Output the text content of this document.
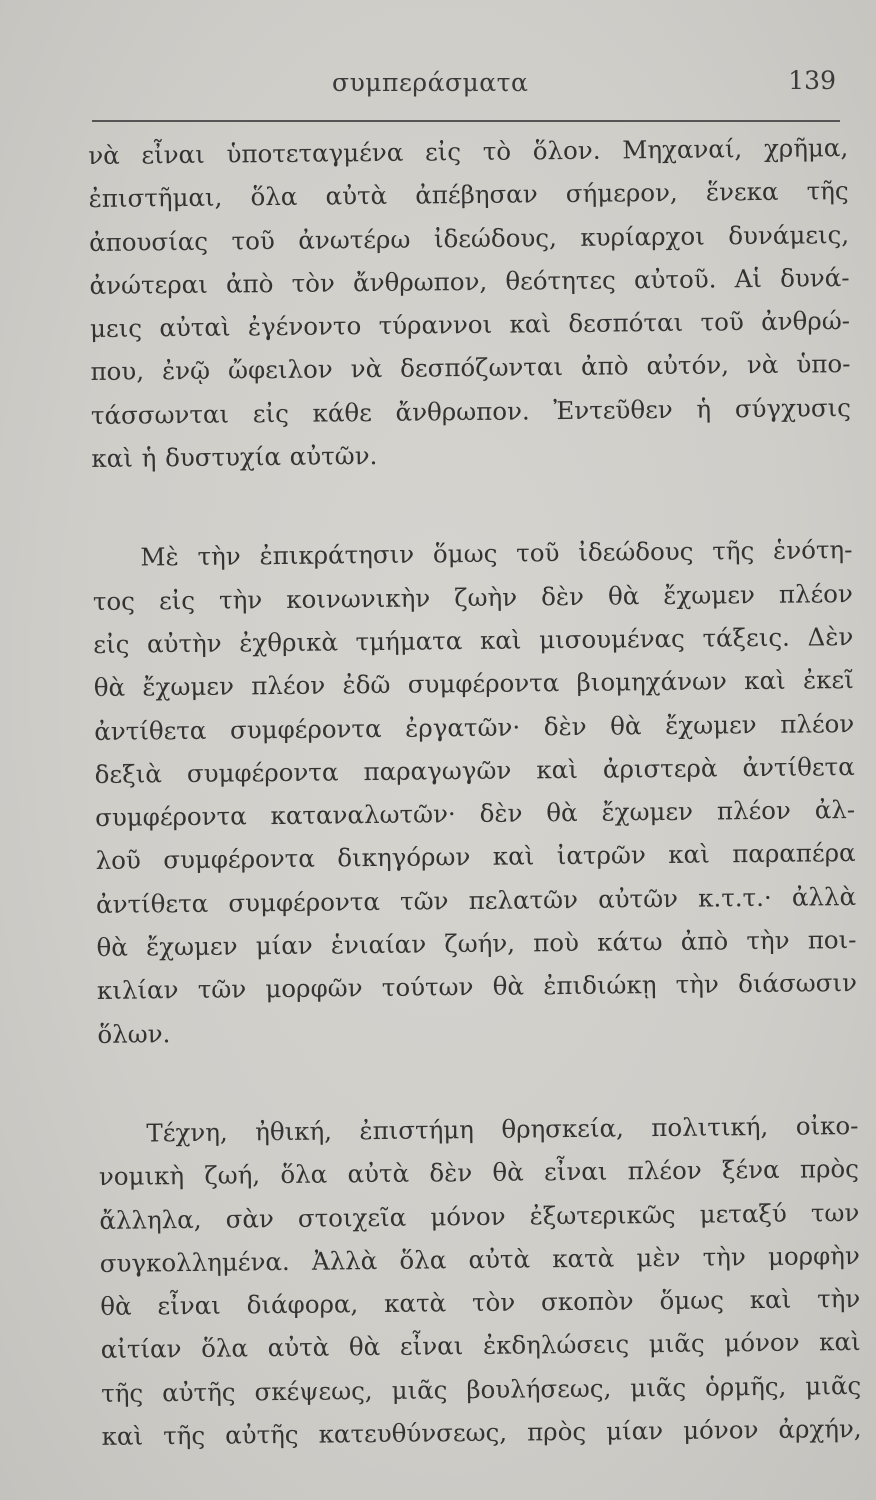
συμπεράσματα	139
νὰ εἶναι ὑποτεταγμένα εἰς τὸ ὅλον. Μηχαναί, χρῆμα,
ἐπιστῆμαι, ὅλα αὐτὰ ἀπέβησαν σήμερον, ἕνεκα τῆς
ἀπουσίας τοῦ ἀνωτέρω ἰδεώδους, κυρίαρχοι δυνάμεις,
ἀνώτεραι ἀπὸ τὸν ἄνθρωπον, θεότητες αὐτοῦ. Αἱ δυνά-
μεις αὐταὶ ἐγένοντο τύραννοι καὶ δεσπόται τοῦ ἀνθρώ-
που, ἐνῷ ὤφειλον νὰ δεσπόζωνται ἀπὸ αὐτόν, νὰ ὑπο-
τάσσωνται εἰς κάθε ἄνθρωπον. Ἐντεῦθεν ἡ σύγχυσις
καὶ ἡ δυστυχία αὐτῶν.
Μὲ τὴν ἐπικράτησιν ὅμως τοῦ ἰδεώδους τῆς ἑνότη-
τος εἰς τὴν κοινωνικὴν ζωὴν δὲν θὰ ἔχωμεν πλέον
εἰς αὐτὴν ἐχθρικὰ τμήματα καὶ μισουμένας τάξεις. Δὲν
θὰ ἔχωμεν πλέον ἐδῶ συμφέροντα βιομηχάνων καὶ ἐκεῖ
ἀντίθετα συμφέροντα ἐργατῶν· δὲν θὰ ἔχωμεν πλέον
δεξιὰ συμφέροντα παραγωγῶν καὶ ἀριστερὰ ἀντίθετα
συμφέροντα καταναλωτῶν· δὲν θὰ ἔχωμεν πλέον ἀλ-
λοῦ συμφέροντα δικηγόρων καὶ ἰατρῶν καὶ παραπέρα
ἀντίθετα συμφέροντα τῶν πελατῶν αὐτῶν κ.τ.τ.· ἀλλὰ
θὰ ἔχωμεν μίαν ἑνιαίαν ζωήν, ποὺ κάτω ἀπὸ τὴν ποι-
κιλίαν τῶν μορφῶν τούτων θὰ ἐπιδιώκῃ τὴν διάσωσιν
ὅλων.
Τέχνη, ἠθική, ἐπιστήμη θρησκεία, πολιτική, οἰκο-
νομικὴ ζωή, ὅλα αὐτὰ δὲν θὰ εἶναι πλέον ξένα πρὸς
ἄλληλα, σὰν στοιχεῖα μόνον ἐξωτερικῶς μεταξύ των
συγκολλημένα. Ἀλλὰ ὅλα αὐτὰ κατὰ μὲν τὴν μορφὴν
θὰ εἶναι διάφορα, κατὰ τὸν σκοπὸν ὅμως καὶ τὴν
αἰτίαν ὅλα αὐτὰ θὰ εἶναι ἐκδηλώσεις μιᾶς μόνον καὶ
τῆς αὐτῆς σκέψεως, μιᾶς βουλήσεως, μιᾶς ὁρμῆς, μιᾶς
καὶ τῆς αὐτῆς κατευθύνσεως, πρὸς μίαν μόνον ἀρχήν,
